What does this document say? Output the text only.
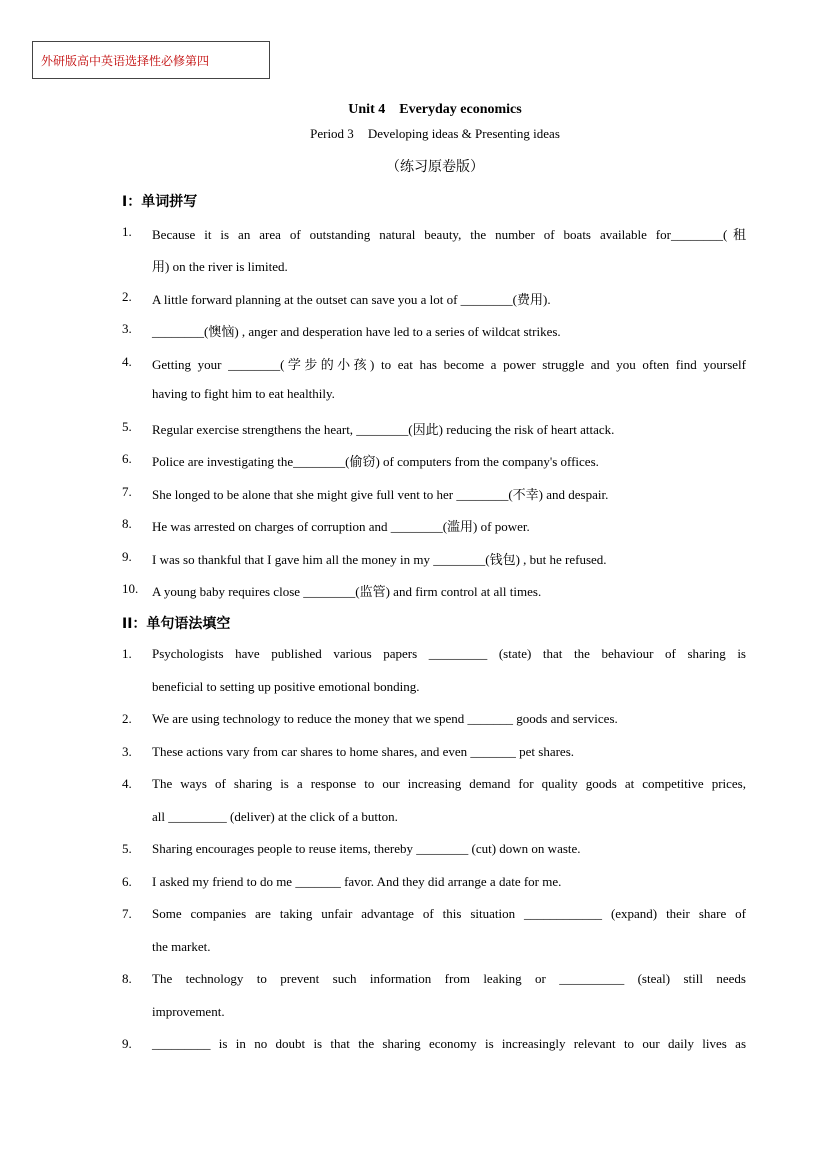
外研版高中英语选择性必修第四
Unit 4 Everyday economics
Period 3 Developing ideas & Presenting ideas
（练习原卷版）
I：单词拼写
1. Because it is an area of outstanding natural beauty, the number of boats available for________(租
用) on the river is limited.
2. A little forward planning at the outset can save you a lot of ________(费用).
3. ________(懊恼) , anger and desperation have led to a series of wildcat strikes.
4. Getting your ________(学步的小孩) to eat has become a power struggle and you often find yourself
having to fight him to eat healthily.
5. Regular exercise strengthens the heart, ________(因此) reducing the risk of heart attack.
6. Police are investigating the________(偷窃) of computers from the company's offices.
7. She longed to be alone that she might give full vent to her ________(不幸) and despair.
8. He was arrested on charges of corruption and ________(滥用) of power.
9. I was so thankful that I gave him all the money in my ________(钱包) , but he refused.
10. A young baby requires close ________(监管) and firm control at all times.
II：单句语法填空
1. Psychologists have published various papers _________ (state) that the behaviour of sharing is
beneficial to setting up positive emotional bonding.
2. We are using technology to reduce the money that we spend _______ goods and services.
3. These actions vary from car shares to home shares, and even _______ pet shares.
4. The ways of sharing is a response to our increasing demand for quality goods at competitive prices,
all _________ (deliver) at the click of a button.
5. Sharing encourages people to reuse items, thereby ________ (cut) down on waste.
6. I asked my friend to do me _______ favor. And they did arrange a date for me.
7. Some companies are taking unfair advantage of this situation ____________ (expand) their share of
the market.
8. The technology to prevent such information from leaking or __________ (steal) still needs
improvement.
9. _________ is in no doubt is that the sharing economy is increasingly relevant to our daily lives as
